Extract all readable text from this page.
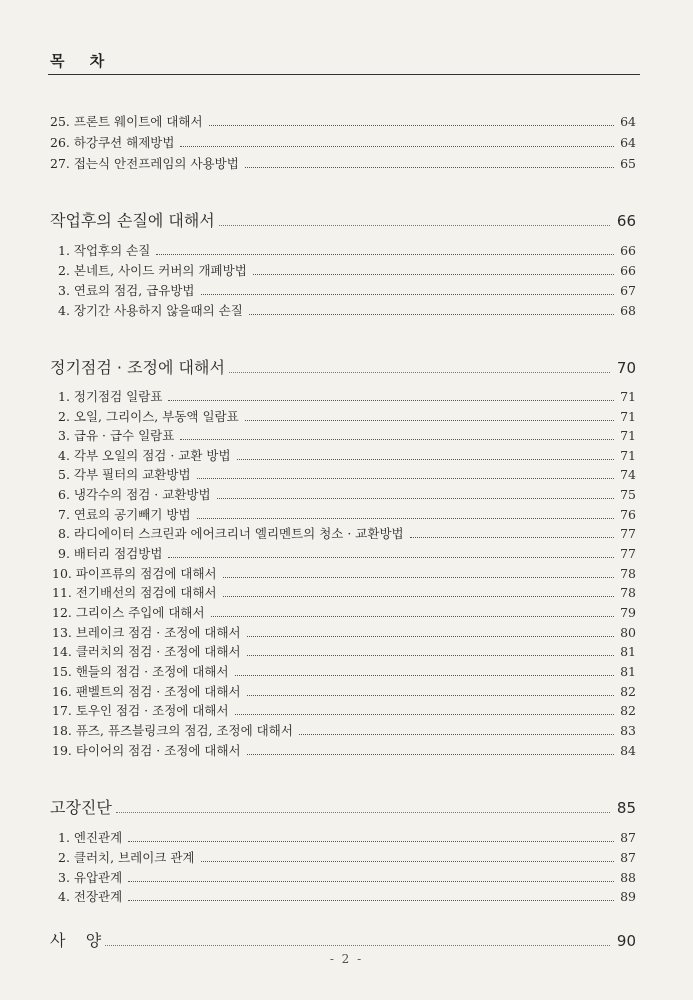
목 차
25. 프론트 웨이트에 대해서	64
26. 하강쿠션 해제방법	64
27. 접는식 안전프레임의 사용방법	65
작업후의 손질에 대해서	66
1. 작업후의 손질	66
2. 본네트, 사이드 커버의 개폐방법	66
3. 연료의 점검, 급유방법	67
4. 장기간 사용하지 않을때의 손질	68
정기점검 · 조정에 대해서	70
1. 정기점검 일람표	71
2. 오일, 그리이스, 부동액 일람표	71
3. 급유 · 급수 일람표	71
4. 각부 오일의 점검 · 교환 방법	71
5. 각부 필터의 교환방법	74
6. 냉각수의 점검 · 교환방법	75
7. 연료의 공기빼기 방법	76
8. 라디에이터 스크린과 에어크리너 엘리멘트의 청소 · 교환방법	77
9. 배터리 점검방법	77
10. 파이프류의 점검에 대해서	78
11. 전기배선의 점검에 대해서	78
12. 그리이스 주입에 대해서	79
13. 브레이크 점검 · 조정에 대해서	80
14. 클러치의 점검 · 조정에 대해서	81
15. 핸들의 점검 · 조정에 대해서	81
16. 팬벨트의 점검 · 조정에 대해서	82
17. 토우인 점검 · 조정에 대해서	82
18. 퓨즈, 퓨즈블링크의 점검, 조정에 대해서	83
19. 타이어의 점검 · 조정에 대해서	84
고장진단	85
1. 엔진관계	87
2. 클러치, 브레이크 관계	87
3. 유압관계	88
4. 전장관계	89
사    양	90
- 2 -
